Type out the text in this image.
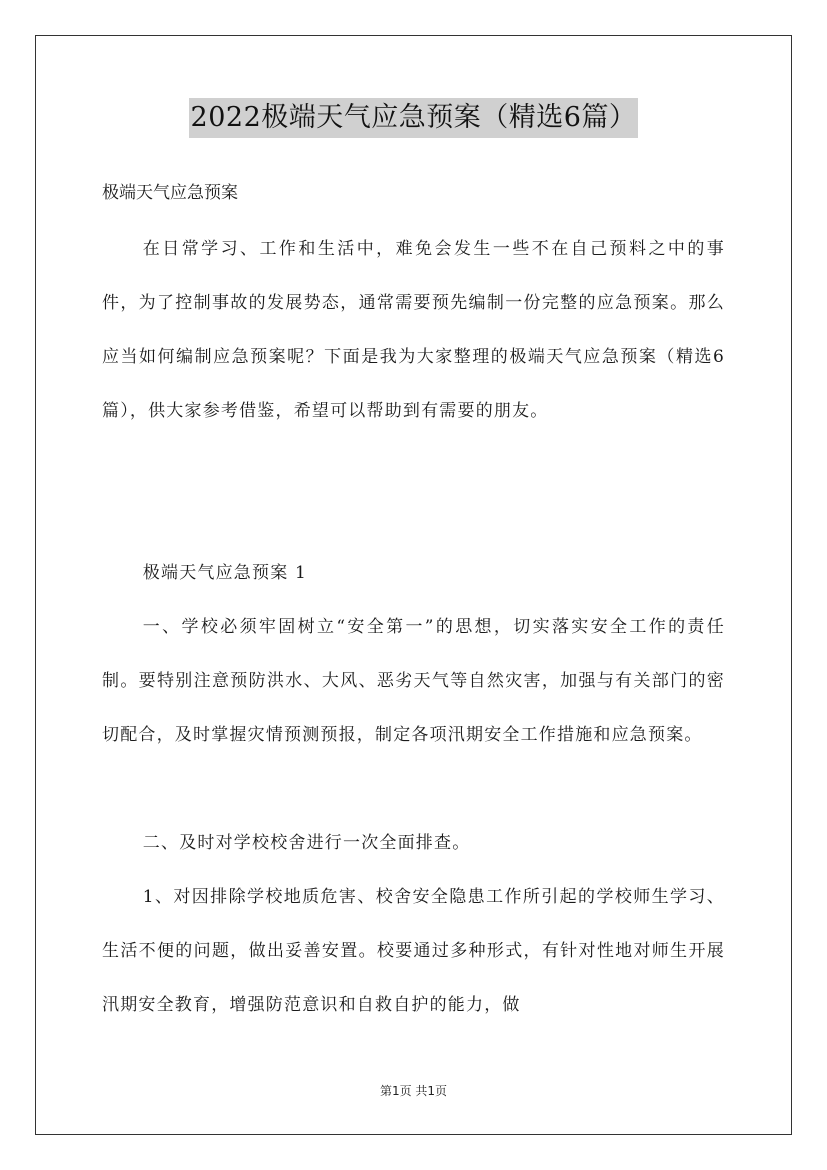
2022极端天气应急预案（精选6篇）
极端天气应急预案
在日常学习、工作和生活中，难免会发生一些不在自己预料之中的事件，为了控制事故的发展势态，通常需要预先编制一份完整的应急预案。那么应当如何编制应急预案呢？下面是我为大家整理的极端天气应急预案（精选6篇），供大家参考借鉴，希望可以帮助到有需要的朋友。
极端天气应急预案 1
一、学校必须牢固树立“安全第一”的思想，切实落实安全工作的责任制。要特别注意预防洪水、大风、恶劣天气等自然灾害，加强与有关部门的密切配合，及时掌握灾情预测预报，制定各项汛期安全工作措施和应急预案。
二、及时对学校校舍进行一次全面排查。
1、对因排除学校地质危害、校舍安全隐患工作所引起的学校师生学习、生活不便的问题，做出妥善安置。校要通过多种形式，有针对性地对师生开展汛期安全教育，增强防范意识和自救自护的能力，做
第1页 共1页
